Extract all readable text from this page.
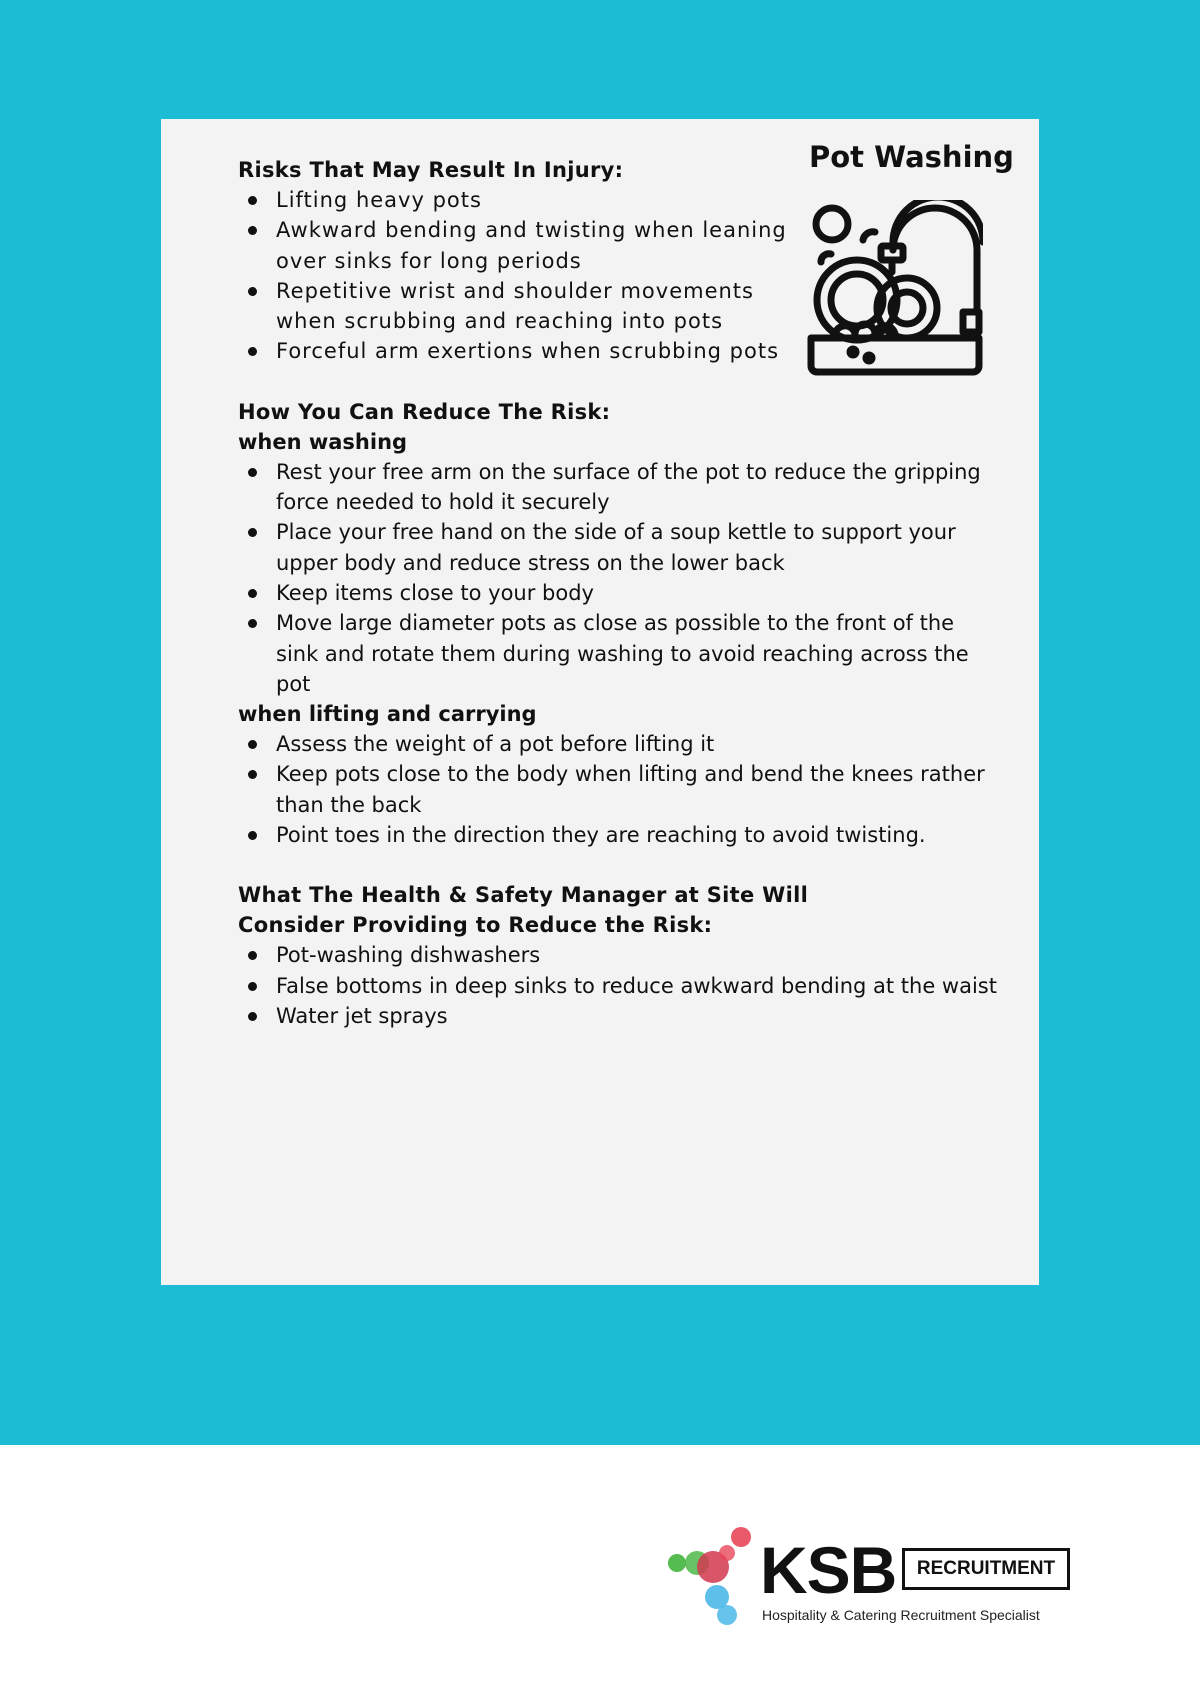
Pot Washing
Risks That May Result In Injury:
Lifting heavy pots
Awkward bending and twisting when leaning over sinks for long periods
Repetitive wrist and shoulder movements when scrubbing and reaching into pots
Forceful arm exertions when scrubbing pots
How You Can Reduce The Risk:
when washing
Rest your free arm on the surface of the pot to reduce the gripping force needed to hold it securely
Place your free hand on the side of a soup kettle to support your upper body and reduce stress on the lower back
Keep items close to your body
Move large diameter pots as close as possible to the front of the sink and rotate them during washing to avoid reaching across the pot
when lifting and carrying
Assess the weight of a pot before lifting it
Keep pots close to the body when lifting and bend the knees rather than the back
Point toes in the direction they are reaching to avoid twisting.
What The Health & Safety Manager at Site Will Consider Providing to Reduce the Risk:
Pot-washing dishwashers
False bottoms in deep sinks to reduce awkward bending at the waist
Water jet sprays
KSB	RECRUITMENT
Hospitality & Catering Recruitment Specialist
